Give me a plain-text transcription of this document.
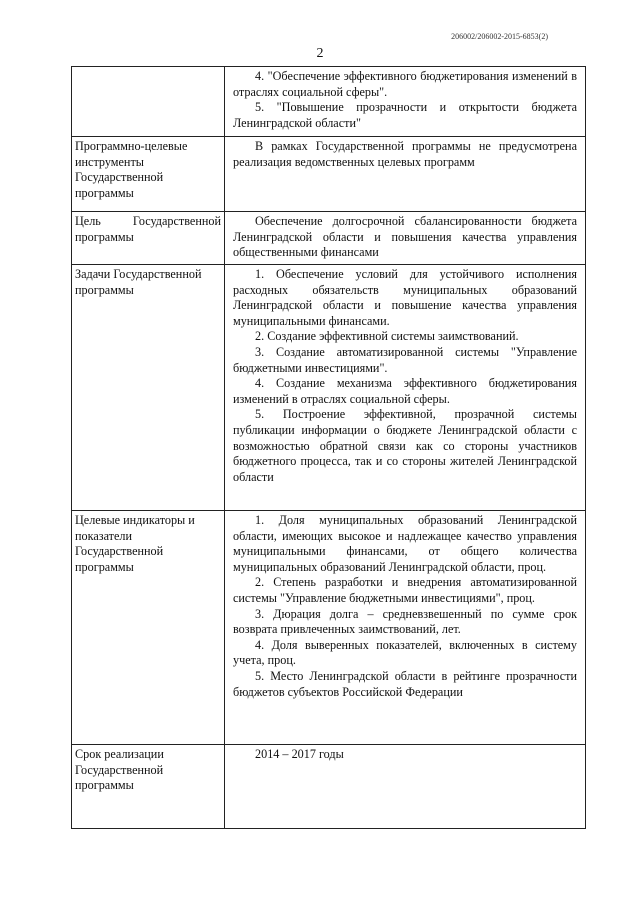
206002/206002-2015-6853(2)
2

	4. "Обеспечение эффективного бюджетирования изменений в отраслях социальной сферы".

5. "Повышение прозрачности и открытости бюджета Ленинградской области"

Программно-целевые инструменты Государственной программы	В рамках Государственной программы не предусмотрена реализация ведомственных целевых программ

Цель Государственной программы	Обеспечение долгосрочной сбалансированности бюджета Ленинградской области и повышения качества управления общественными финансами

Задачи Государственной программы	1. Обеспечение условий для устойчивого исполнения расходных обязательств муниципальных образований Ленинградской области и повышение качества управления муниципальными финансами.

2. Создание эффективной системы заимствований.

3. Создание автоматизированной системы "Управление бюджетными инвестициями".

4. Создание механизма эффективного бюджетирования изменений в отраслях социальной сферы.

5. Построение эффективной, прозрачной системы публикации информации о бюджете Ленинградской области с возможностью обратной связи как со стороны участников бюджетного процесса, так и со стороны жителей Ленинградской области

Целевые индикаторы и показатели Государственной программы	1. Доля муниципальных образований Ленинградской области, имеющих высокое и надлежащее качество управления муниципальными финансами, от общего количества муниципальных образований Ленинградской области, проц.

2. Степень разработки и внедрения автоматизированной системы "Управление бюджетными инвестициями", проц.

3. Дюрация долга – средневзвешенный по сумме срок возврата привлеченных заимствований, лет.

4. Доля выверенных показателей, включенных в систему учета, проц.

5. Место Ленинградской области в рейтинге прозрачности бюджетов субъектов Российской Федерации

Срок реализации Государственной программы	2014 – 2017 годы
